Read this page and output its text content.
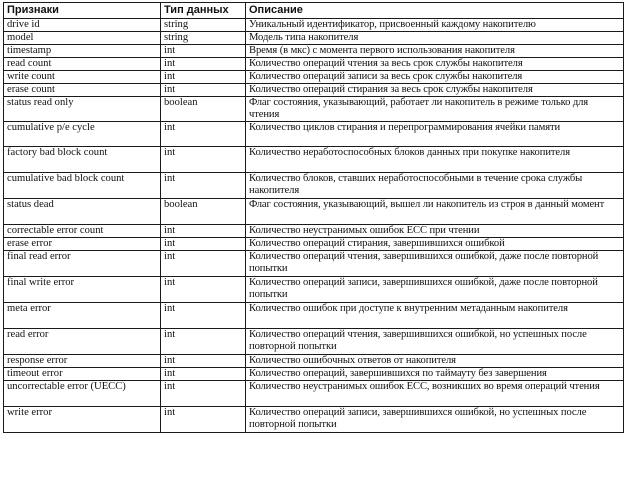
Признаки	Тип данных	Описание
drive id	string	Уникальный идентификатор, присвоенный каждому накопителю
model	string	Модель типа накопителя
timestamp	int	Время (в мкс) с момента первого использования накопителя
read count	int	Количество операций чтения за весь срок службы накопителя
write count	int	Количество операций записи за весь срок службы накопителя
erase count	int	Количество операций стирания за весь срок службы накопителя
status read only	boolean	Флаг состояния, указывающий, работает ли накопитель в режиме только для чтения
cumulative p/e cycle	int	Количество циклов стирания и перепрограммирования ячейки памяти
factory bad block count	int	Количество неработоспособных блоков данных при покупке накопителя
cumulative bad block count	int	Количество блоков, ставших неработоспособными в течение срока службы накопителя
status dead	boolean	Флаг состояния, указывающий, вышел ли накопитель из строя в данный момент
correctable error count	int	Количество неустранимых ошибок ECC при чтении
erase error	int	Количество операций стирания, завершившихся ошибкой
final read error	int	Количество операций чтения, завершившихся ошибкой, даже после повторной попытки
final write error	int	Количество операций записи, завершившихся ошибкой, даже после повторной попытки
meta error	int	Количество ошибок при доступе к внутренним метаданным накопителя
read error	int	Количество операций чтения, завершившихся ошибкой, но успешных после повторной попытки
response error	int	Количество ошибочных ответов от накопителя
timeout error	int	Количество операций, завершившихся по таймауту без завершения
uncorrectable error (UECC)	int	Количество неустранимых ошибок ECC, возникших во время операций чтения
write error	int	Количество операций записи, завершившихся ошибкой, но успешных после повторной попытки
